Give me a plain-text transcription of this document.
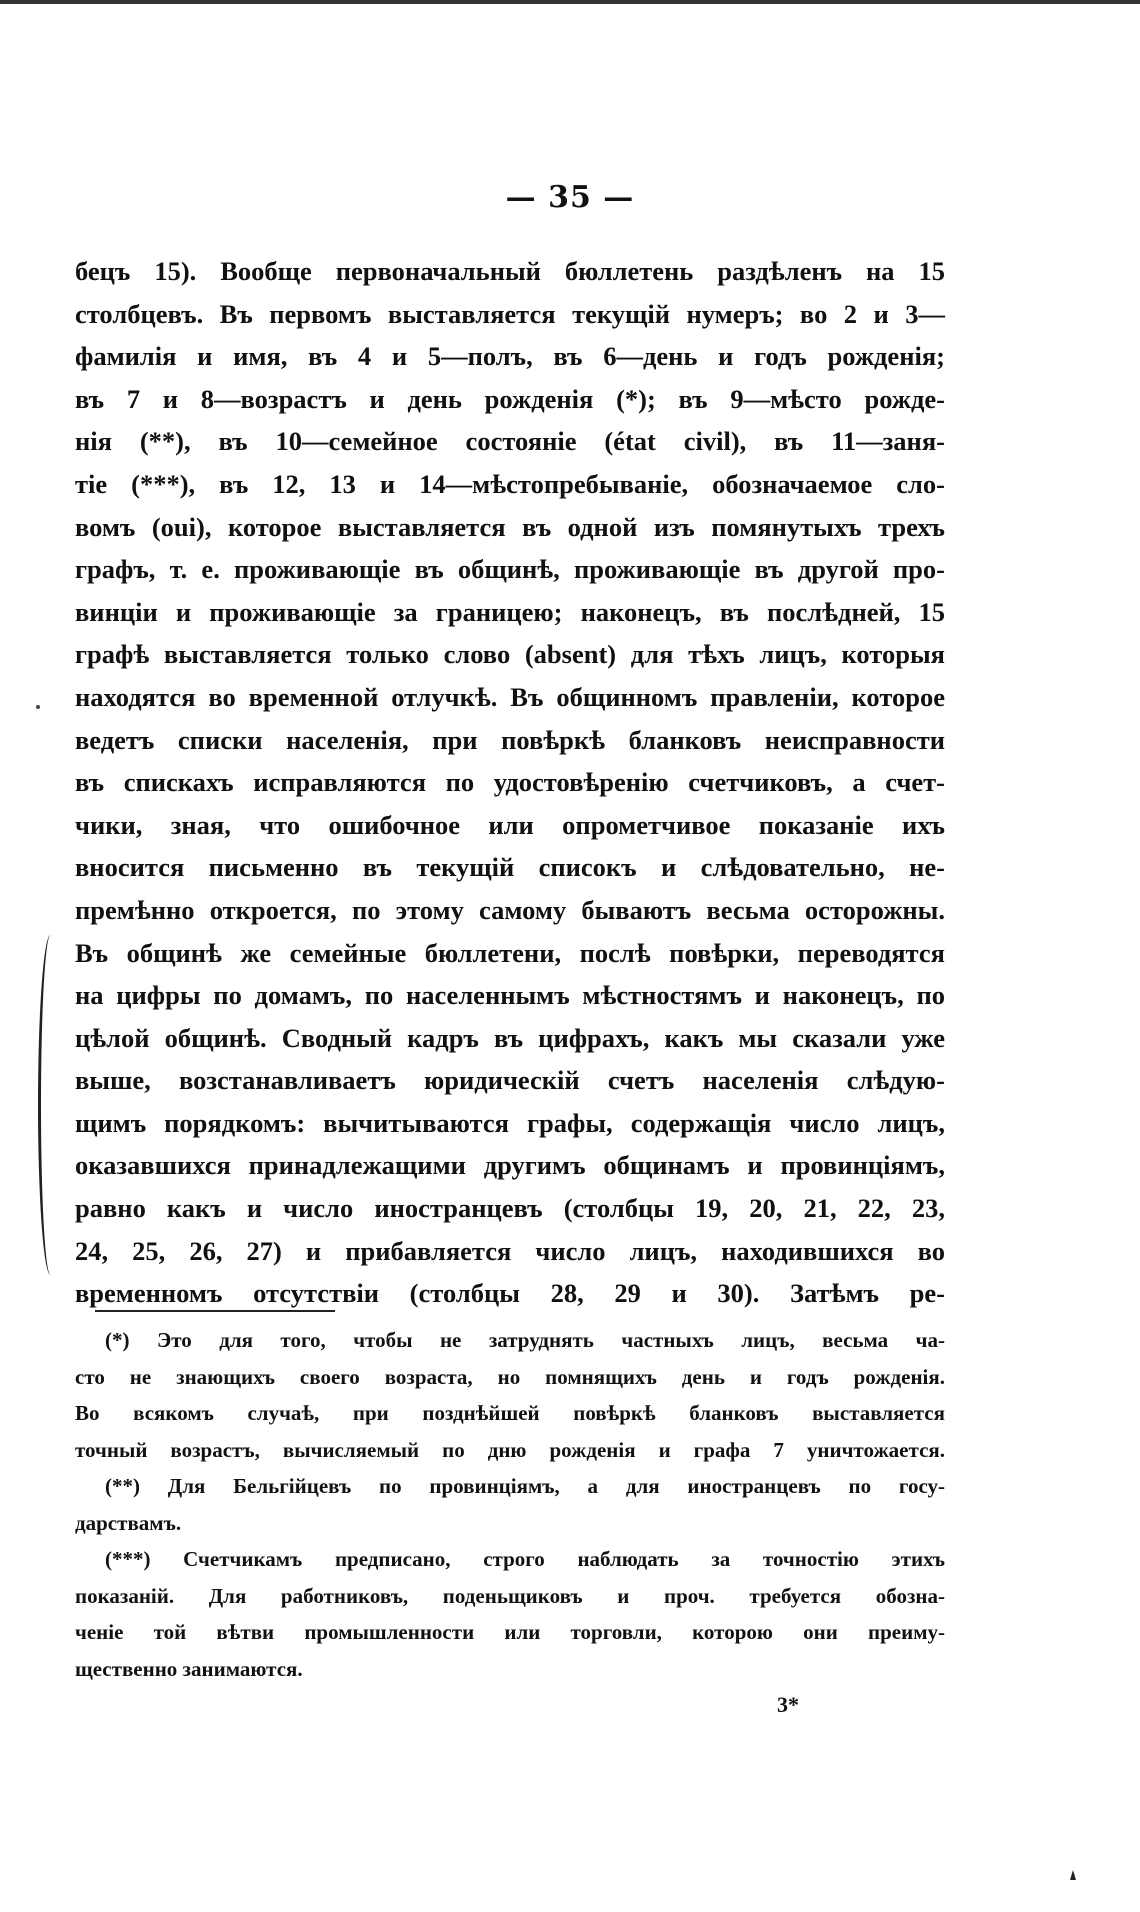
— 35 —
бецъ 15). Вообще первоначальный бюллетень раздѣленъ на 15
столбцевъ. Въ первомъ выставляется текущій нумеръ; во 2 и 3—
фамилія и имя, въ 4 и 5—полъ, въ 6—день и годъ рожденія;
въ 7 и 8—возрастъ и день рожденія (*); въ 9—мѣсто рожде-
нія (**), въ 10—семейное состояніе (état civil), въ 11—заня-
тіе (***), въ 12, 13 и 14—мѣстопребываніе, обозначаемое сло-
вомъ (oui), которое выставляется въ одной изъ помянутыхъ трехъ
графъ, т. е. проживающіе въ общинѣ, проживающіе въ другой про-
винціи и проживающіе за границею; наконецъ, въ послѣдней, 15
графѣ выставляется только слово (absent) для тѣхъ лицъ, которыя
находятся во временной отлучкѣ. Въ общинномъ правленіи, которое
ведетъ списки населенія, при повѣркѣ бланковъ неисправности
въ спискахъ исправляются по удостовѣренію счетчиковъ, а счет-
чики, зная, что ошибочное или опрометчивое показаніе ихъ
вносится письменно въ текущій списокъ и слѣдовательно, не-
премѣнно откроется, по этому самому бываютъ весьма осторожны.
Въ общинѣ же семейные бюллетени, послѣ повѣрки, переводятся
на цифры по домамъ, по населеннымъ мѣстностямъ и наконецъ, по
цѣлой общинѣ. Сводный кадръ въ цифрахъ, какъ мы сказали уже
выше, возстанавливаетъ юридическій счетъ населенія слѣдую-
щимъ порядкомъ: вычитываются графы, содержащія число лицъ,
оказавшихся принадлежащими другимъ общинамъ и провинціямъ,
равно какъ и число иностранцевъ (столбцы 19, 20, 21, 22, 23,
24, 25, 26, 27) и прибавляется число лицъ, находившихся во
временномъ отсутствіи (столбцы 28, 29 и 30). Затѣмъ ре-
(*) Это для того, чтобы не затруднять частныхъ лицъ, весьма ча-
сто не знающихъ своего возраста, но помнящихъ день и годъ рожденія.
Во всякомъ случаѣ, при позднѣйшей повѣркѣ бланковъ выставляется
точный возрастъ, вычисляемый по дню рожденія и графа 7 уничтожается.
(**) Для Бельгійцевъ по провинціямъ, а для иностранцевъ по госу-
дарствамъ.
(***) Счетчикамъ предписано, строго наблюдать за точностію этихъ
показаній. Для работниковъ, поденьщиковъ и проч. требуется обозна-
ченіе той вѣтви промышленности или торговли, которою они преиму-
щественно занимаются.
3*
